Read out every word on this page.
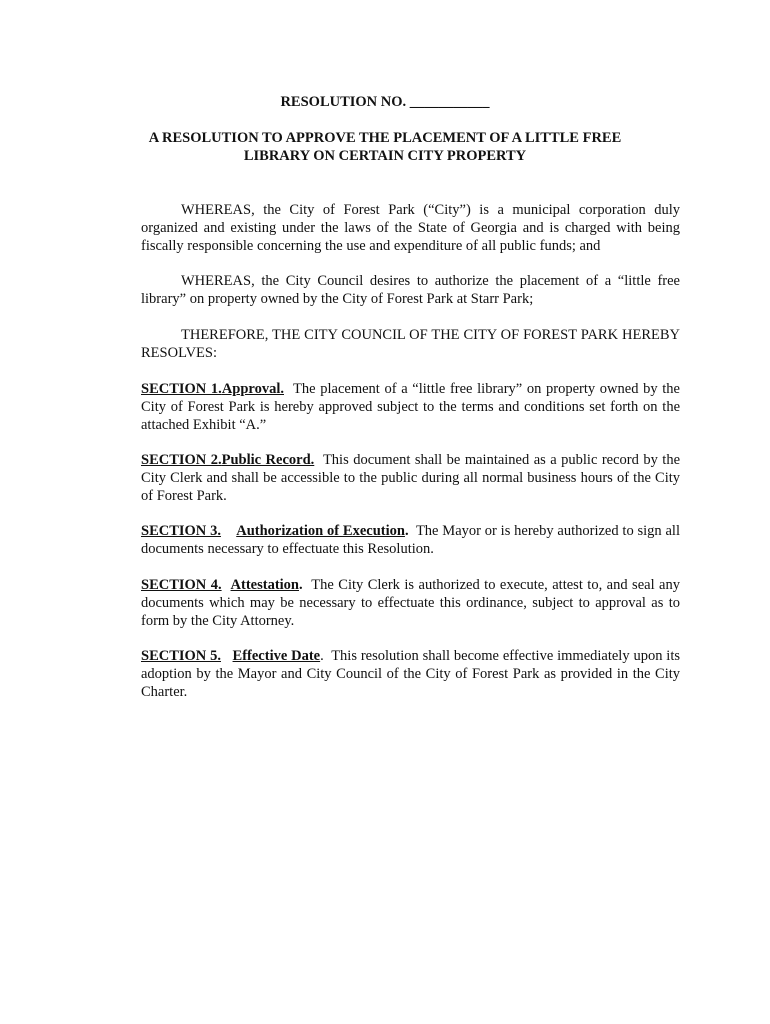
RESOLUTION NO. ___________
A RESOLUTION TO APPROVE THE PLACEMENT OF A LITTLE FREE
LIBRARY ON CERTAIN CITY PROPERTY

WHEREAS, the City of Forest Park (“City”) is a municipal corporation duly organized and existing under the laws of the State of Georgia and is charged with being fiscally responsible concerning the use and expenditure of all public funds; and

WHEREAS, the City Council desires to authorize the placement of a “little free library” on property owned by the City of Forest Park at Starr Park;

THEREFORE, THE CITY COUNCIL OF THE CITY OF FOREST PARK HEREBY RESOLVES:

SECTION 1.Approval. The placement of a “little free library” on property owned by the City of Forest Park is hereby approved subject to the terms and conditions set forth on the attached Exhibit “A.”

SECTION 2.Public Record. This document shall be maintained as a public record by the City Clerk and shall be accessible to the public during all normal business hours of the City of Forest Park.

SECTION 3. Authorization of Execution. The Mayor or is hereby authorized to sign all documents necessary to effectuate this Resolution.

SECTION 4. Attestation. The City Clerk is authorized to execute, attest to, and seal any documents which may be necessary to effectuate this ordinance, subject to approval as to form by the City Attorney.

SECTION 5. Effective Date. This resolution shall become effective immediately upon its adoption by the Mayor and City Council of the City of Forest Park as provided in the City Charter.
